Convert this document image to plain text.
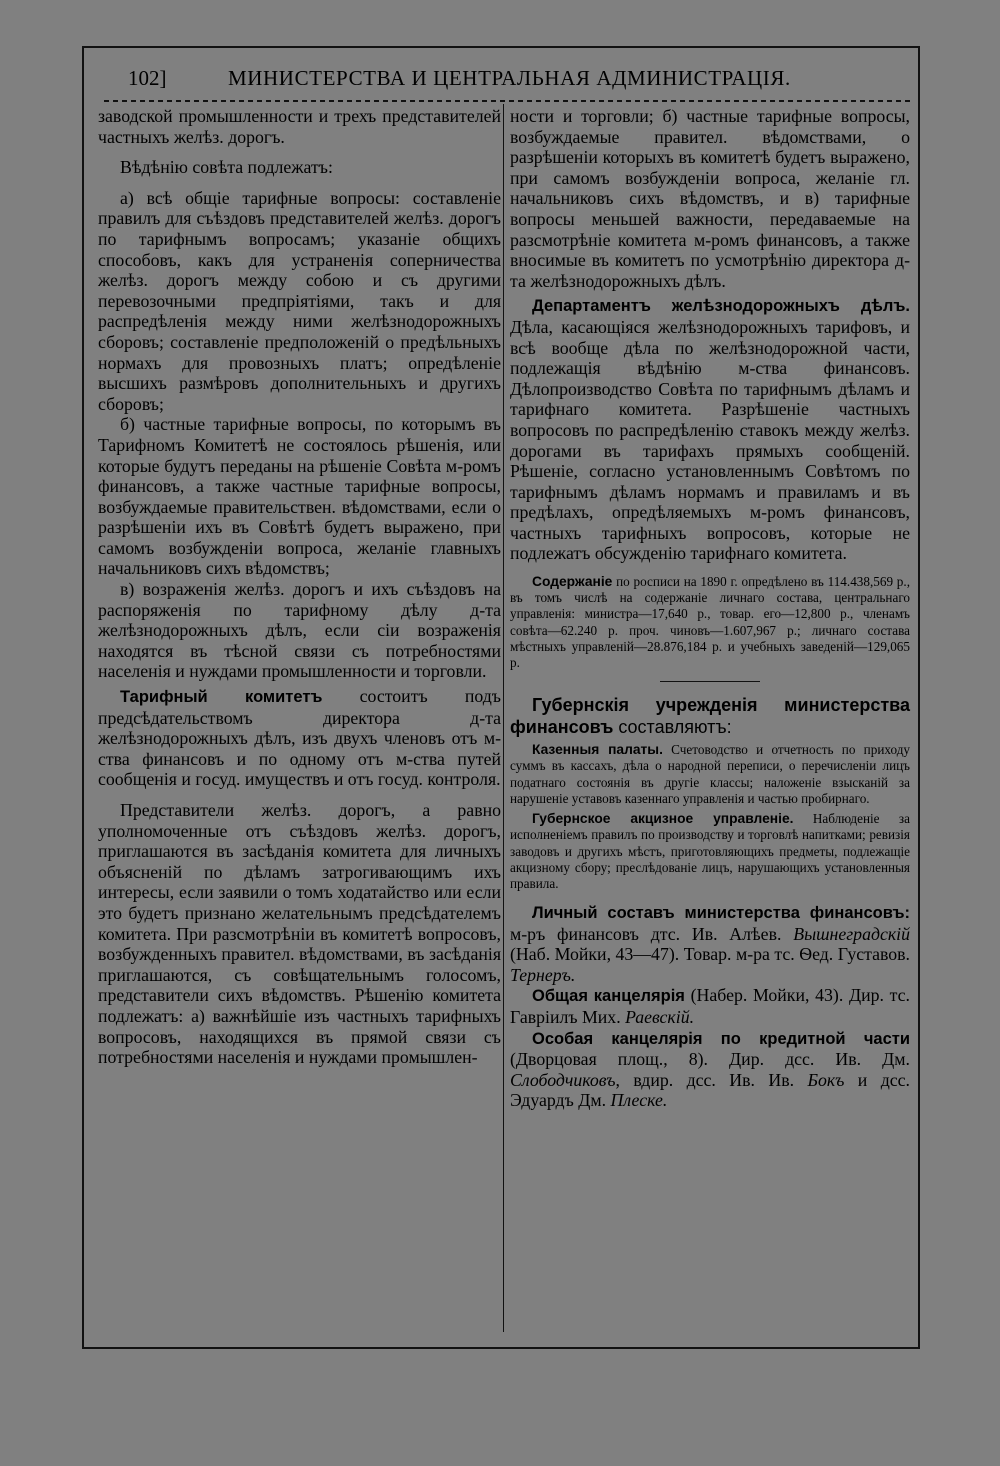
102]	МИНИСТЕРСТВА И ЦЕНТРАЛЬНАЯ АДМИНИСТРАЦІЯ.

заводской промышленности и трехъ представителей частныхъ желѣз. дорогъ.

Вѣдѣнію совѣта подлежатъ:

а) всѣ общіе тарифные вопросы: составленіе правилъ для съѣздовъ представителей желѣз. дорогъ по тарифнымъ вопросамъ; указаніе общихъ способовъ, какъ для устраненія соперничества желѣз. дорогъ между собою и съ другими перевозочными предпріятіями, такъ и для распредѣленія между ними желѣзнодорожныхъ сборовъ; составленіе предположеній о предѣльныхъ нормахъ для провозныхъ платъ; опредѣленіе высшихъ размѣровъ дополнительныхъ и другихъ сборовъ;

б) частные тарифные вопросы, по которымъ въ Тарифномъ Комитетѣ не состоялось рѣшенія, или которые будутъ переданы на рѣшеніе Совѣта м-ромъ финансовъ, а также частные тарифные вопросы, возбуждаемые правительствен. вѣдомствами, если о разрѣшеніи ихъ въ Совѣтѣ будетъ выражено, при самомъ возбужденіи вопроса, желаніе главныхъ начальниковъ сихъ вѣдомствъ;

в) возраженія желѣз. дорогъ и ихъ съѣздовъ на распоряженія по тарифному дѣлу д-та желѣзнодорожныхъ дѣлъ, если сіи возраженія находятся въ тѣсной связи съ потребностями населенія и нуждами промышленности и торговли.

Тарифный комитетъ состоитъ подъ предсѣдательствомъ директора д-та желѣзнодорожныхъ дѣлъ, изъ двухъ членовъ отъ м-ства финансовъ и по одному отъ м-ства путей сообщенія и госуд. имуществъ и отъ госуд. контроля.

Представители желѣз. дорогъ, а равно уполномоченные отъ съѣздовъ желѣз. дорогъ, приглашаются въ засѣданія комитета для личныхъ объясненій по дѣламъ затрогивающимъ ихъ интересы, если заявили о томъ ходатайство или если это будетъ признано желательнымъ предсѣдателемъ комитета. При разсмотрѣніи въ комитетѣ вопросовъ, возбужденныхъ правител. вѣдомствами, въ засѣданія приглашаются, съ совѣщательнымъ голосомъ, представители сихъ вѣдомствъ. Рѣшенію комитета подлежатъ: а) важнѣйшіе изъ частныхъ тарифныхъ вопросовъ, находящихся въ прямой связи съ потребностями населенія и нуждами промышлен-

ности и торговли; б) частные тарифные вопросы, возбуждаемые правител. вѣдомствами, о разрѣшеніи которыхъ въ комитетѣ будетъ выражено, при самомъ возбужденіи вопроса, желаніе гл. начальниковъ сихъ вѣдомствъ, и в) тарифные вопросы меньшей важности, передаваемые на разсмотрѣніе комитета м-ромъ финансовъ, а также вносимые въ комитетъ по усмотрѣнію директора д-та желѣзнодорожныхъ дѣлъ.

Департаментъ желѣзнодорожныхъ дѣлъ. Дѣла, касающіяся желѣзнодорожныхъ тарифовъ, и всѣ вообще дѣла по желѣзнодорожной части, подлежащія вѣдѣнію м-ства финансовъ. Дѣлопроизводство Совѣта по тарифнымъ дѣламъ и тарифнаго комитета. Разрѣшеніе частныхъ вопросовъ по распредѣленію ставокъ между желѣз. дорогами въ тарифахъ прямыхъ сообщеній. Рѣшеніе, согласно установленнымъ Совѣтомъ по тарифнымъ дѣламъ нормамъ и правиламъ и въ предѣлахъ, опредѣляемыхъ м-ромъ финансовъ, частныхъ тарифныхъ вопросовъ, которые не подлежатъ обсужденію тарифнаго комитета.

Содержаніе по росписи на 1890 г. опредѣлено въ 114.438,569 р., въ томъ числѣ на содержаніе личнаго состава, центральнаго управленія: министра—17,640 р., товар. его—12,800 р., членамъ совѣта—62.240 р. проч. чиновъ—1.607,967 р.; личнаго состава мѣстныхъ управленій—28.876,184 р. и учебныхъ заведеній—129,065 р.

Губернскія учрежденія министерства финансовъ составляютъ:

Казенныя палаты. Счетоводство и отчетность по приходу суммъ въ кассахъ, дѣла о народной переписи, о перечисленіи лицъ податнаго состоянія въ другіе классы; наложеніе взысканій за нарушеніе уставовъ казеннаго управленія и частью пробирнаго.

Губернское акцизное управленіе. Наблюденіе за исполненіемъ правилъ по производству и торговлѣ напитками; ревизія заводовъ и другихъ мѣстъ, приготовляющихъ предметы, подлежащіе акцизному сбору; преслѣдованіе лицъ, нарушающихъ установленныя правила.

Личный составъ министерства финансовъ: м-ръ финансовъ дтс. Ив. Алѣев. Вышнеградскій (Наб. Мойки, 43—47). Товар. м-ра тс. Ѳед. Густавов. Тернеръ.

Общая канцелярія (Набер. Мойки, 43). Дир. тс. Гавріилъ Мих. Раевскій.

Особая канцелярія по кредитной части (Дворцовая площ., 8). Дир. дсс. Ив. Дм. Слободчиковъ, вдир. дсс. Ив. Ив. Бокъ и дсс. Эдуардъ Дм. Плеске.
